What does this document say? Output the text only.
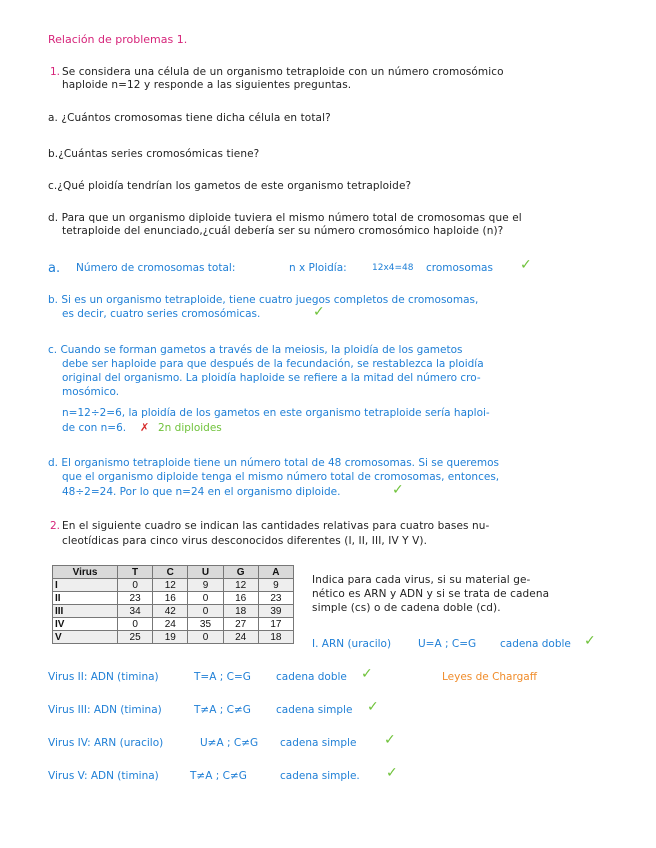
Relación de problemas 1.
1. Se considera una célula de un organismo tetraploide con un número cromosómico
haploide n=12 y responde a las siguientes preguntas.
a. ¿Cuántos cromosomas tiene dicha célula en total?
b.¿Cuántas series cromosómicas tiene?
c.¿Qué ploidía tendrían los gametos de este organismo tetraploide?
d. Para que un organismo diploide tuviera el mismo número total de cromosomas que el
tetraploide del enunciado,¿cuál debería ser su número cromosómico haploide (n)?
a. Número de cromosomas total:	n x Ploidía:	12x4=48 cromosomas ✓
b. Si es un organismo tetraploide, tiene cuatro juegos completos de cromosomas,
es decir, cuatro series cromosómicas.	✓
c. Cuando se forman gametos a través de la meiosis, la ploidía de los gametos
debe ser haploide para que después de la fecundación, se restablezca la ploidía
original del organismo. La ploidía haploide se refiere a la mitad del número cro-
mosómico.
n=12÷2=6, la ploidía de los gametos en este organismo tetraploide sería haploi-
de con n=6. ✗ 2n diploides
d. El organismo tetraploide tiene un número total de 48 cromosomas. Si se queremos
que el organismo diploide tenga el mismo número total de cromosomas, entonces,
48÷2=24. Por lo que n=24 en el organismo diploide.	✓
2. En el siguiente cuadro se indican las cantidades relativas para cuatro bases nu-
cleotídicas para cinco virus desconocidos diferentes (I, II, III, IV Y V).
Virus	T	C	U	G	A
I	0	12	9	12	9
II	23	16	0	16	23
III	34	42	0	18	39
IV	0	24	35	27	17
V	25	19	0	24	18
Indica para cada virus, si su material ge-
nético es ARN y ADN y si se trata de cadena
simple (cs) o de cadena doble (cd).
I. ARN (uracilo)	U=A ; C=G cadena doble ✓
Virus II: ADN (timina)	T=A ; C=G cadena doble ✓	Leyes de Chargaff
Virus III: ADN (timina)	T≠A ; C≠G cadena simple ✓
Virus IV: ARN (uracilo)	U≠A ; C≠G cadena simple ✓
Virus V: ADN (timina)	T≠A ; C≠G	cadena simple. ✓
